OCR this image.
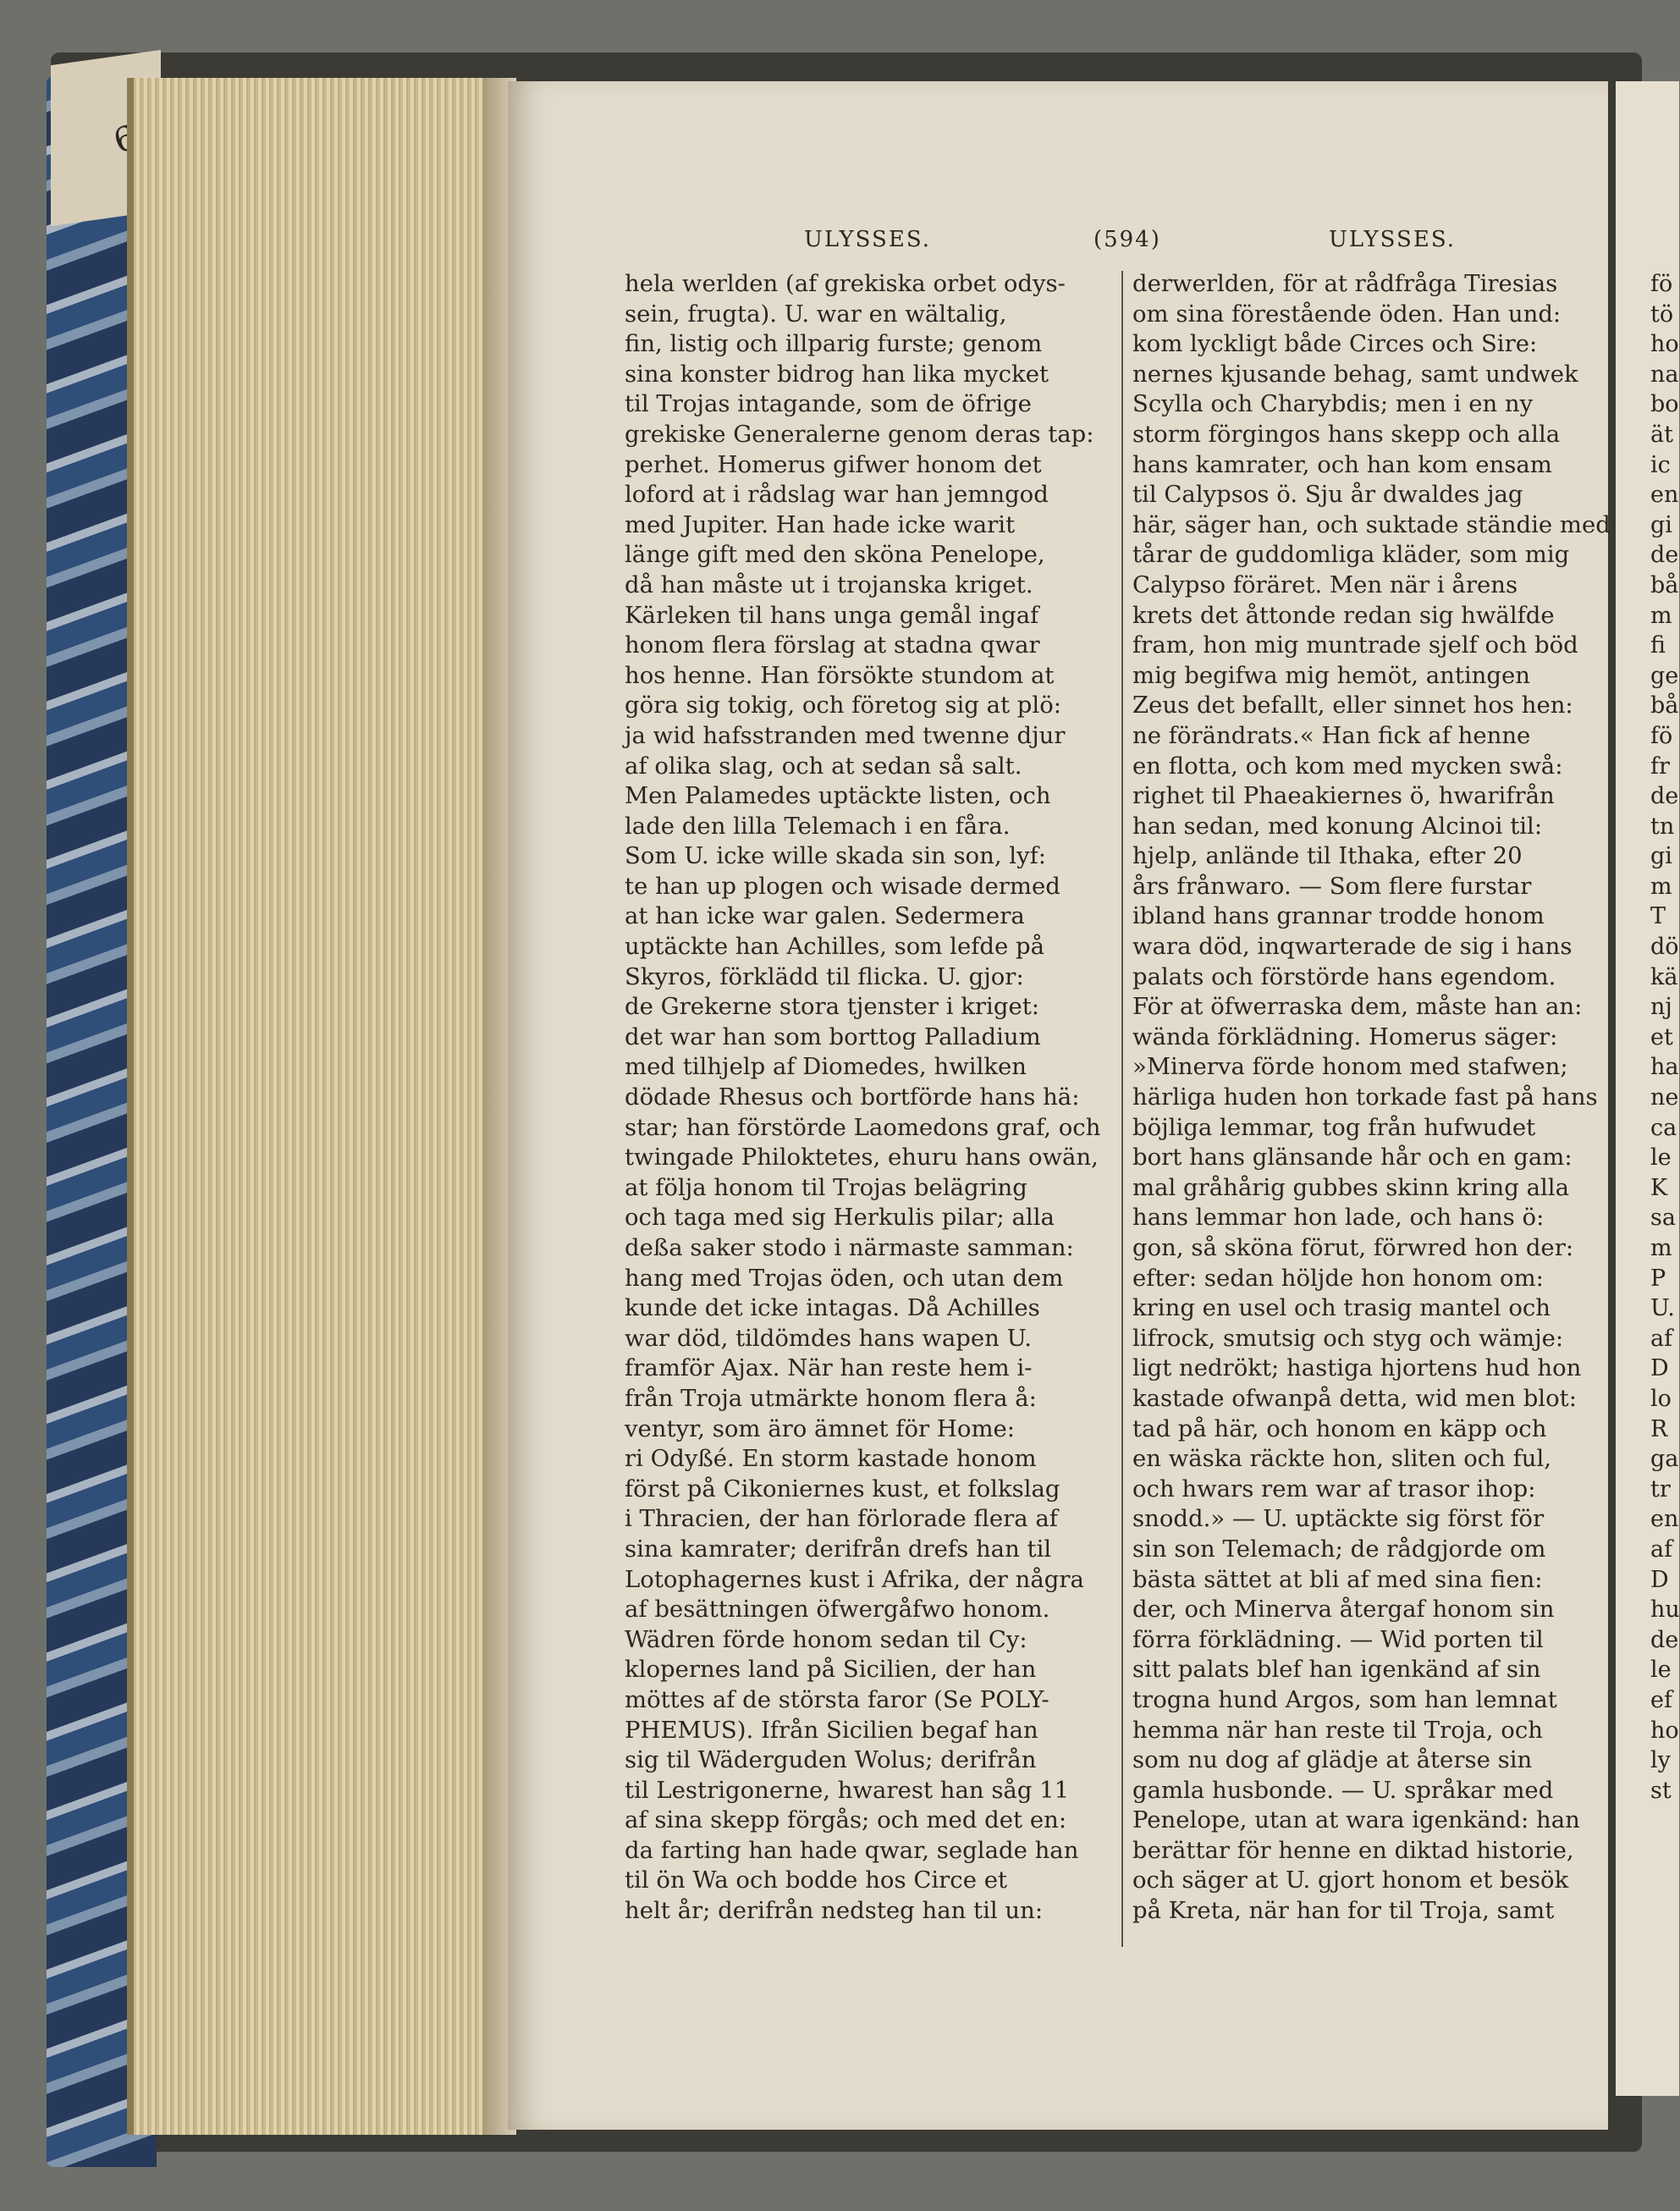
ULYSSES.	(594)	ULYSSES.
hela werlden (af grekiska orbet odys-
sein, frugta). U. war en wältalig,
fin, listig och illparig furste; genom
sina konster bidrog han lika mycket
til Trojas intagande, som de öfrige
grekiske Generalerne genom deras tap:
perhet. Homerus gifwer honom det
loford at i rådslag war han jemngod
med Jupiter. Han hade icke warit
länge gift med den sköna Penelope,
då han måste ut i trojanska kriget.
Kärleken til hans unga gemål ingaf
honom flera förslag at stadna qwar
hos henne. Han försökte stundom at
göra sig tokig, och företog sig at plö:
ja wid hafsstranden med twenne djur
af olika slag, och at sedan så salt.
Men Palamedes uptäckte listen, och
lade den lilla Telemach i en fåra.
Som U. icke wille skada sin son, lyf:
te han up plogen och wisade dermed
at han icke war galen. Sedermera
uptäckte han Achilles, som lefde på
Skyros, förklädd til flicka. U. gjor:
de Grekerne stora tjenster i kriget:
det war han som borttog Palladium
med tilhjelp af Diomedes, hwilken
dödade Rhesus och bortförde hans hä:
star; han förstörde Laomedons graf, och
twingade Philoktetes, ehuru hans owän,
at följa honom til Trojas belägring
och taga med sig Herkulis pilar; alla
deßa saker stodo i närmaste samman:
hang med Trojas öden, och utan dem
kunde det icke intagas. Då Achilles
war död, tildömdes hans wapen U.
framför Ajax. När han reste hem i-
från Troja utmärkte honom flera å:
ventyr, som äro ämnet för Home:
ri Odyßé. En storm kastade honom
först på Cikoniernes kust, et folkslag
i Thracien, der han förlorade flera af
sina kamrater; derifrån drefs han til
Lotophagernes kust i Afrika, der några
af besättningen öfwergåfwo honom.
Wädren förde honom sedan til Cy:
klopernes land på Sicilien, der han
möttes af de största faror (Se POLY-
PHEMUS). Ifrån Sicilien begaf han
sig til Wäderguden Wolus; derifrån
til Lestrigonerne, hwarest han såg 11
af sina skepp förgås; och med det en:
da farting han hade qwar, seglade han
til ön Wa och bodde hos Circe et
helt år; derifrån nedsteg han til un:
derwerlden, för at rådfråga Tiresias
om sina förestående öden. Han und:
kom lyckligt både Circes och Sire:
nernes kjusande behag, samt undwek
Scylla och Charybdis; men i en ny
storm förgingos hans skepp och alla
hans kamrater, och han kom ensam
til Calypsos ö. Sju år dwaldes jag
här, säger han, och suktade ständie med
tårar de guddomliga kläder, som mig
Calypso föräret. Men när i årens
krets det åttonde redan sig hwälfde
fram, hon mig muntrade sjelf och böd
mig begifwa mig hemöt, antingen
Zeus det befallt, eller sinnet hos hen:
ne förändrats.« Han fick af henne
en flotta, och kom med mycken swå:
righet til Phaeakiernes ö, hwarifrån
han sedan, med konung Alcinoi til:
hjelp, anlände til Ithaka, efter 20
års frånwaro. — Som flere furstar
ibland hans grannar trodde honom
wara död, inqwarterade de sig i hans
palats och förstörde hans egendom.
För at öfwerraska dem, måste han an:
wända förklädning. Homerus säger:
»Minerva förde honom med stafwen;
härliga huden hon torkade fast på hans
böjliga lemmar, tog från hufwudet
bort hans glänsande hår och en gam:
mal gråhårig gubbes skinn kring alla
hans lemmar hon lade, och hans ö:
gon, så sköna förut, förwred hon der:
efter: sedan höljde hon honom om:
kring en usel och trasig mantel och
lifrock, smutsig och styg och wämje:
ligt nedrökt; hastiga hjortens hud hon
kastade ofwanpå detta, wid men blot:
tad på här, och honom en käpp och
en wäska räckte hon, sliten och ful,
och hwars rem war af trasor ihop:
snodd.» — U. uptäckte sig först för
sin son Telemach; de rådgjorde om
bästa sättet at bli af med sina fien:
der, och Minerva återgaf honom sin
förra förklädning. — Wid porten til
sitt palats blef han igenkänd af sin
trogna hund Argos, som han lemnat
hemma när han reste til Troja, och
som nu dog af glädje at återse sin
gamla husbonde. — U. språkar med
Penelope, utan at wara igenkänd: han
berättar för henne en diktad historie,
och säger at U. gjort honom et besök
på Kreta, när han for til Troja, samt
fö
tö
ho
na
bo
ät
ic
en
gi
de
bå
m
fi
ge
bå
fö
fr
de
tn
gi
m
T
dö
kä
nj
et
ha
ne
ca
le
K
sa
m
P
U.
af
D
lo
R
ga
tr
en
af
D
hu
de
le
ef
ho
ly
st
